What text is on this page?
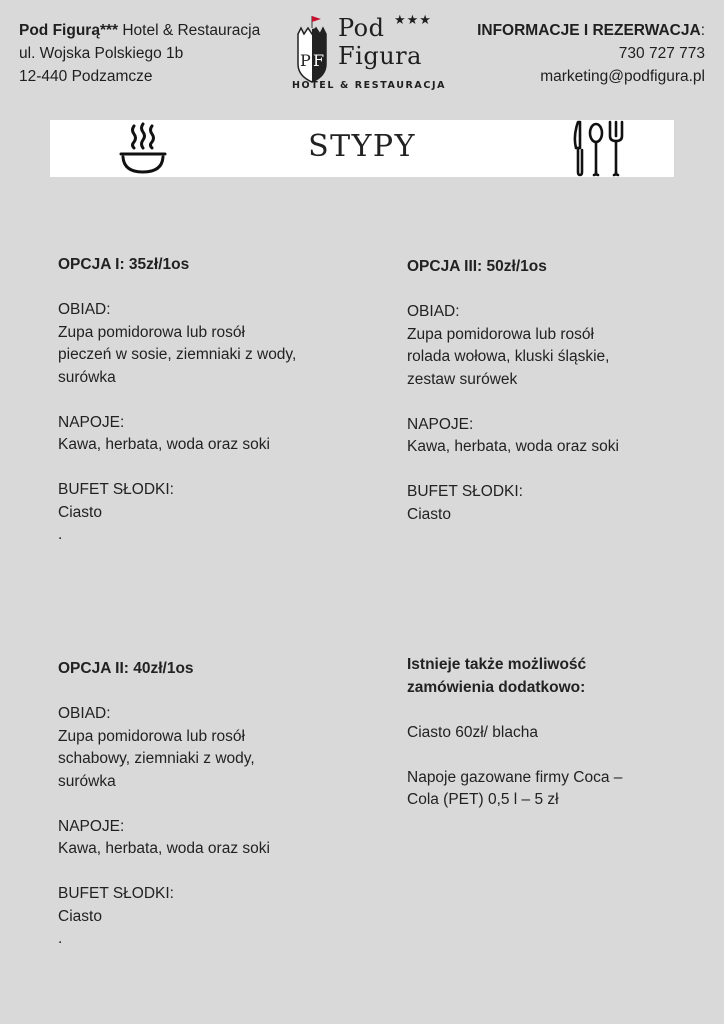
Pod Figurą*** Hotel & Restauracja
ul. Wojska Polskiego 1b
12-440 Podzamcze
P F
Pod ★★★
Figura
HOTEL & RESTAURACJA
INFORMACJE I REZERWACJA:
730 727 773
marketing@podfigura.pl
STYPY
OPCJA I: 35zł/1os
OBIAD:
Zupa pomidorowa lub rosół
pieczeń w sosie, ziemniaki z wody,
surówka
NAPOJE:
Kawa, herbata, woda oraz soki
BUFET SŁODKI:
Ciasto
.
OPCJA III: 50zł/1os
OBIAD:
Zupa pomidorowa lub rosół
rolada wołowa, kluski śląskie,
zestaw surówek
NAPOJE:
Kawa, herbata, woda oraz soki
BUFET SŁODKI:
Ciasto
OPCJA II: 40zł/1os
OBIAD:
Zupa pomidorowa lub rosół
schabowy, ziemniaki z wody,
surówka
NAPOJE:
Kawa, herbata, woda oraz soki
BUFET SŁODKI:
Ciasto
.
Istnieje także możliwość
zamówienia dodatkowo:
Ciasto 60zł/ blacha
Napoje gazowane firmy Coca –
Cola (PET) 0,5 l – 5 zł
